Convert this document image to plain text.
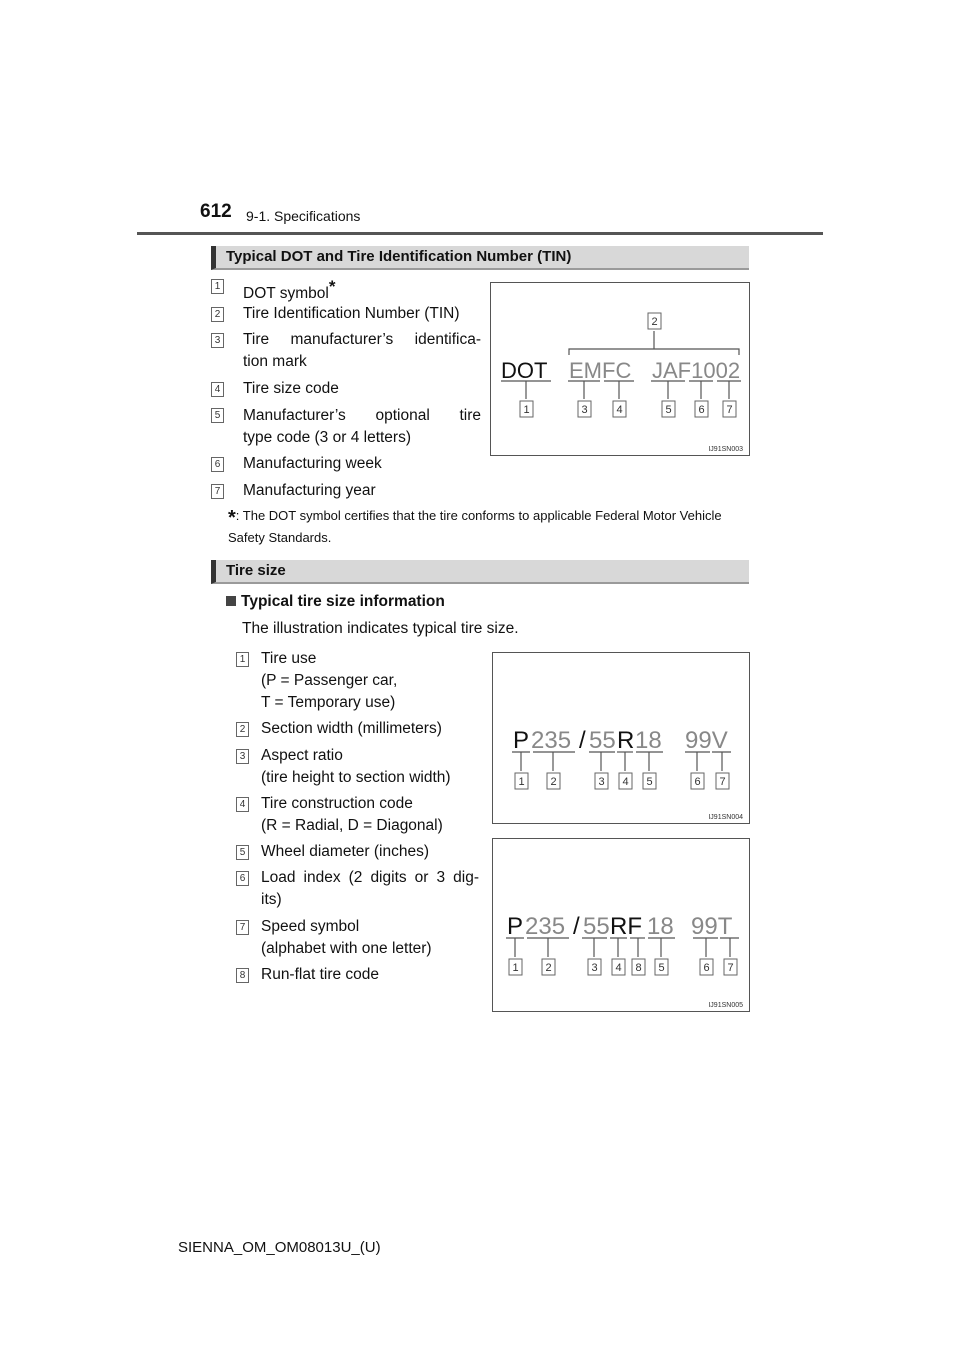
612 9-1. Specifications
Typical DOT and Tire Identification Number (TIN)
1 DOT symbol*
2 Tire Identification Number (TIN)
3 Tire manufacturer’s identifica-
tion mark
4 Tire size code
5 Manufacturer’s optional tire
type code (3 or 4 letters)
6 Manufacturing week
7 Manufacturing year
DOT EMFC JAF1002
2
1	3	4	5 6 7
IJ91SN003
*: The DOT symbol certifies that the tire conforms to applicable Federal Motor Vehicle Safety Standards.
Tire size
Typical tire size information
The illustration indicates typical tire size.
1 Tire use
(P = Passenger car,
T = Temporary use)
2 Section width (millimeters)
3 Aspect ratio
(tire height to section width)
4 Tire construction code
(R = Radial, D = Diagonal)
5 Wheel diameter (inches)
6 Load index (2 digits or 3 dig-
its)
7 Speed symbol
(alphabet with one letter)
8 Run-flat tire code
P 235 / 55 R 18 99V
1 2	3 4 5	6 7
IJ91SN004
P 235 / 55 RF 18 99T
1 2	3 4 8 5	6 7
IJ91SN005
SIENNA_OM_OM08013U_(U)
